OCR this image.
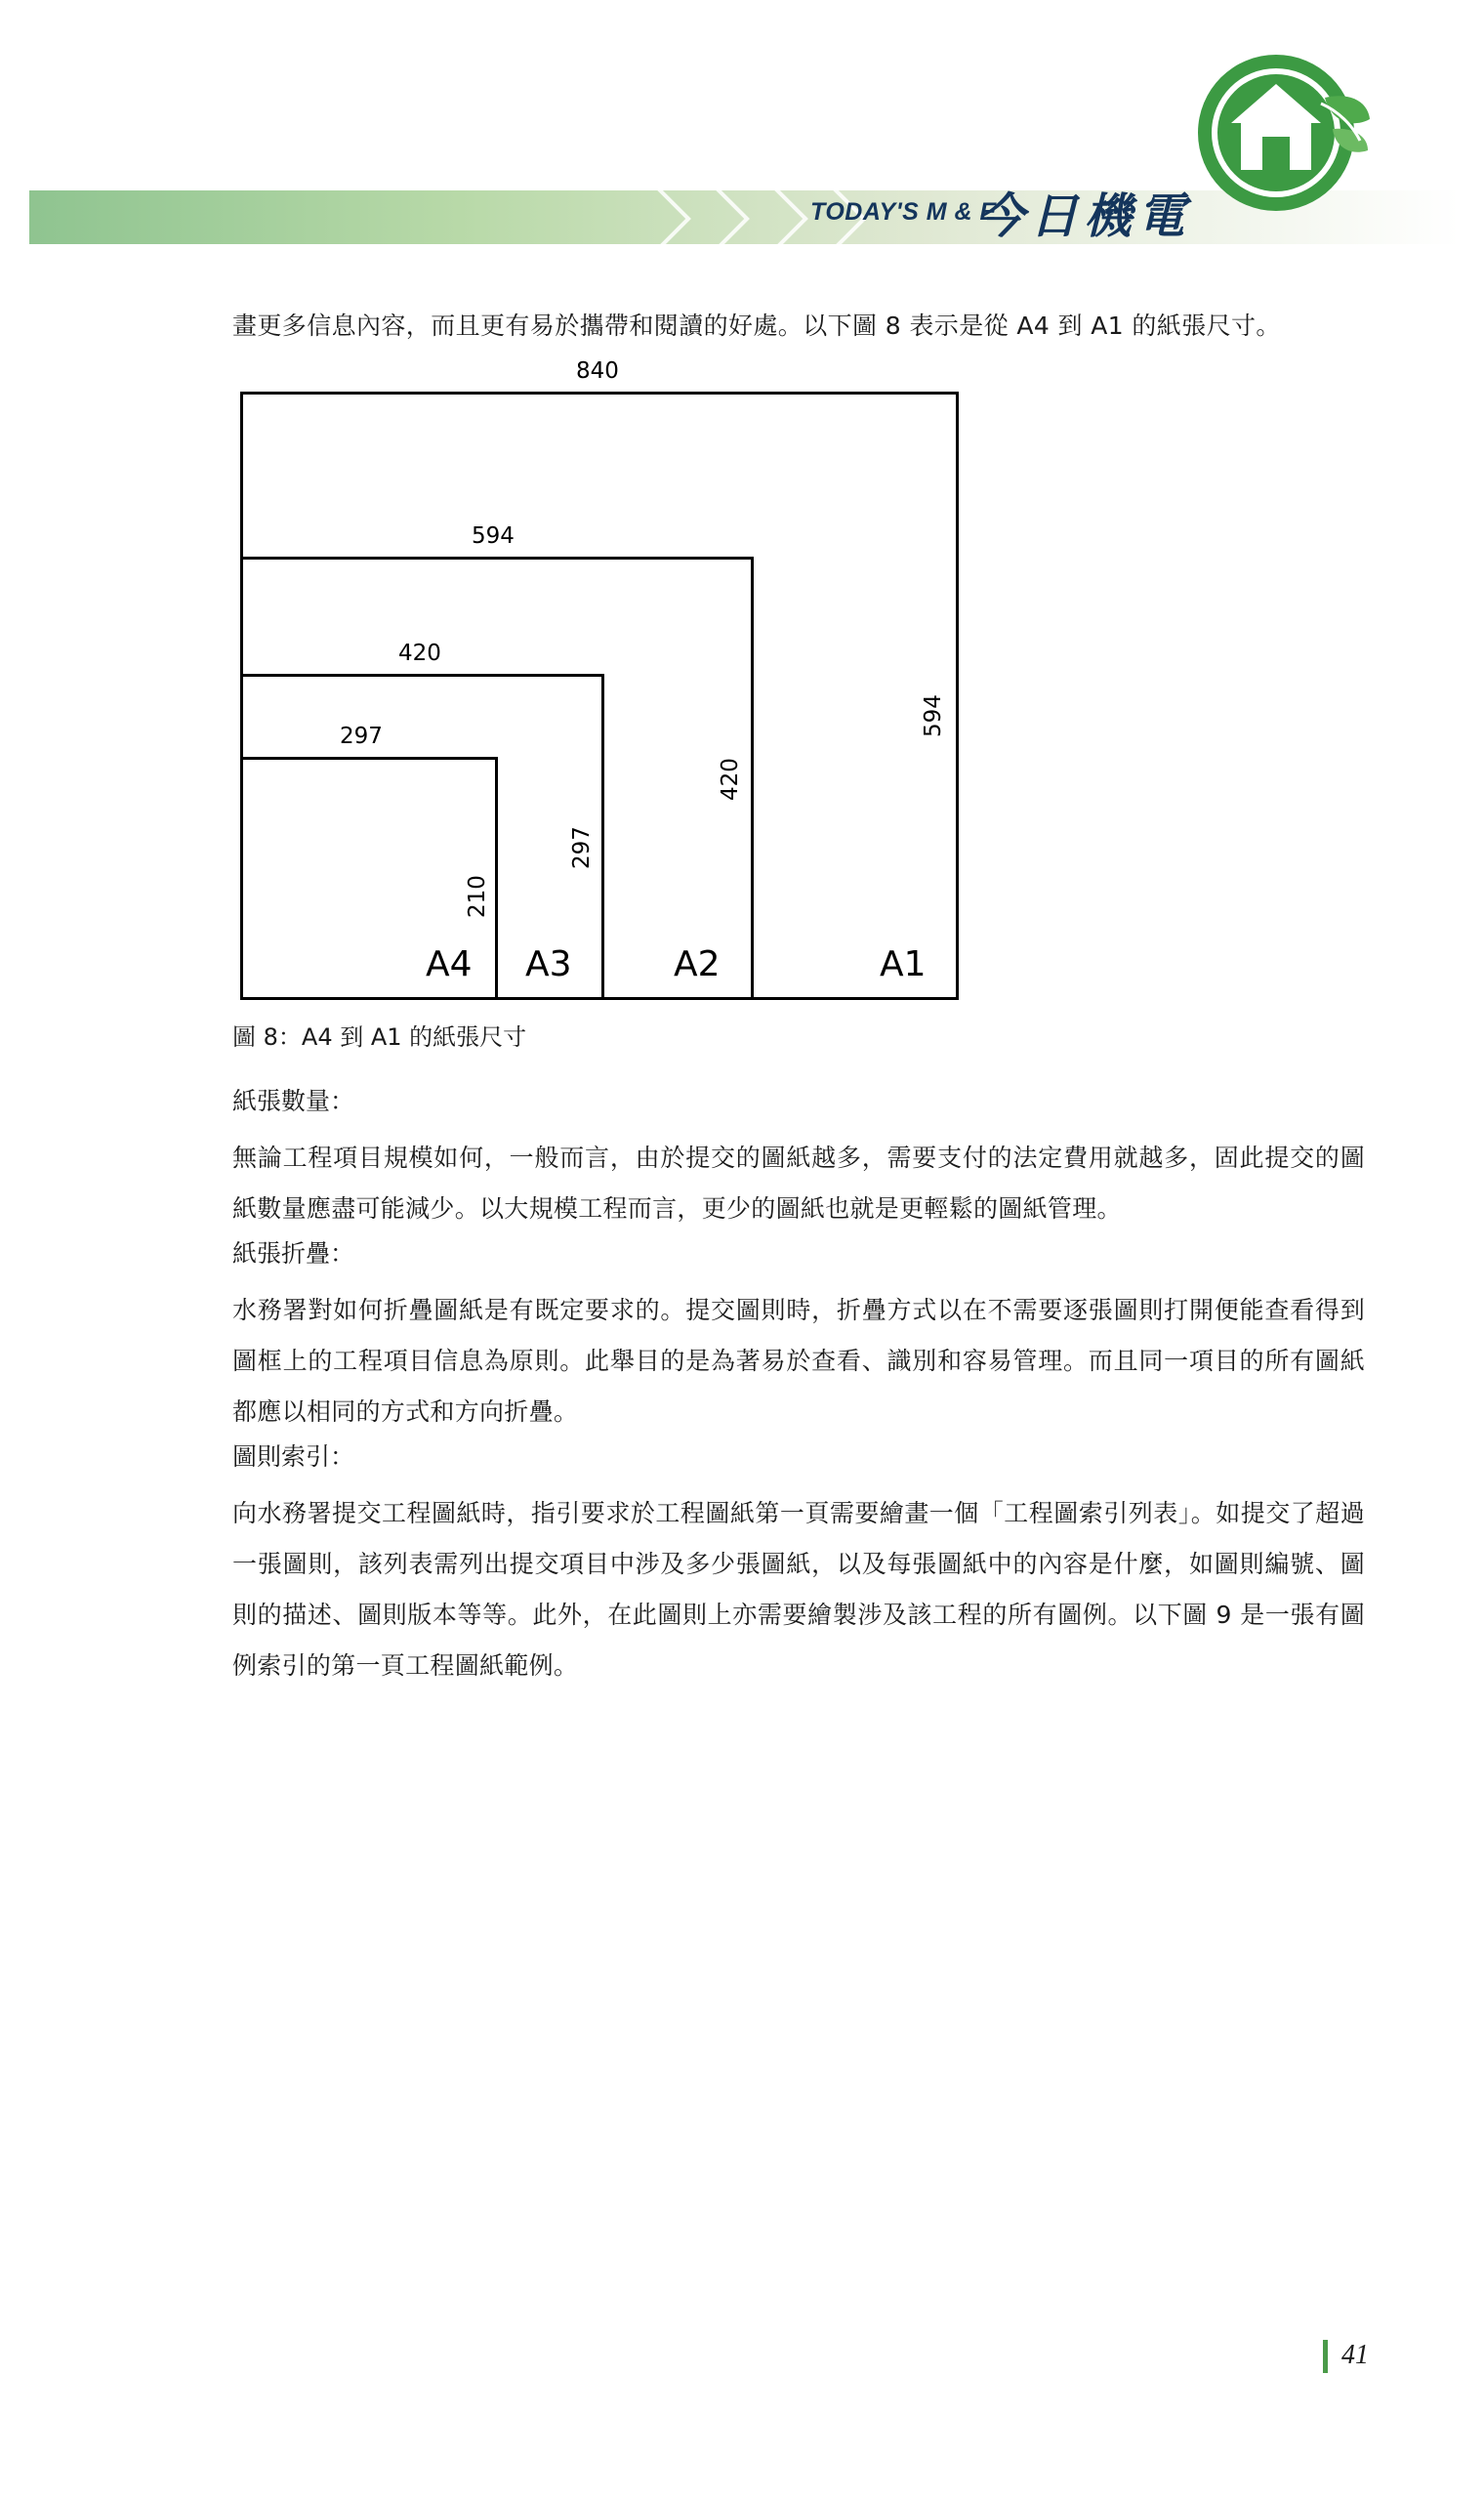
TODAY'S M & E
今日機電
畫更多信息內容，而且更有易於攜帶和閱讀的好處。以下圖 8 表示是從 A4 到 A1 的紙張尺寸。
840
594
420
297	594
420
297
210
A4 A3	A2	A1
圖 8：A4 到 A1 的紙張尺寸
紙張數量：
無論工程項目規模如何，一般而言，由於提交的圖紙越多，需要支付的法定費用就越多，固此提交的圖紙數量應盡可能減少。以大規模工程而言，更少的圖紙也就是更輕鬆的圖紙管理。
紙張折疊：
水務署對如何折疊圖紙是有既定要求的。提交圖則時，折疊方式以在不需要逐張圖則打開便能查看得到圖框上的工程項目信息為原則。此舉目的是為著易於查看、識別和容易管理。而且同一項目的所有圖紙都應以相同的方式和方向折疊。
圖則索引：
向水務署提交工程圖紙時，指引要求於工程圖紙第一頁需要繪畫一個「工程圖索引列表」。如提交了超過一張圖則，該列表需列出提交項目中涉及多少張圖紙，以及每張圖紙中的內容是什麼，如圖則編號、圖則的描述、圖則版本等等。此外，在此圖則上亦需要繪製涉及該工程的所有圖例。以下圖 9 是一張有圖例索引的第一頁工程圖紙範例。
41
